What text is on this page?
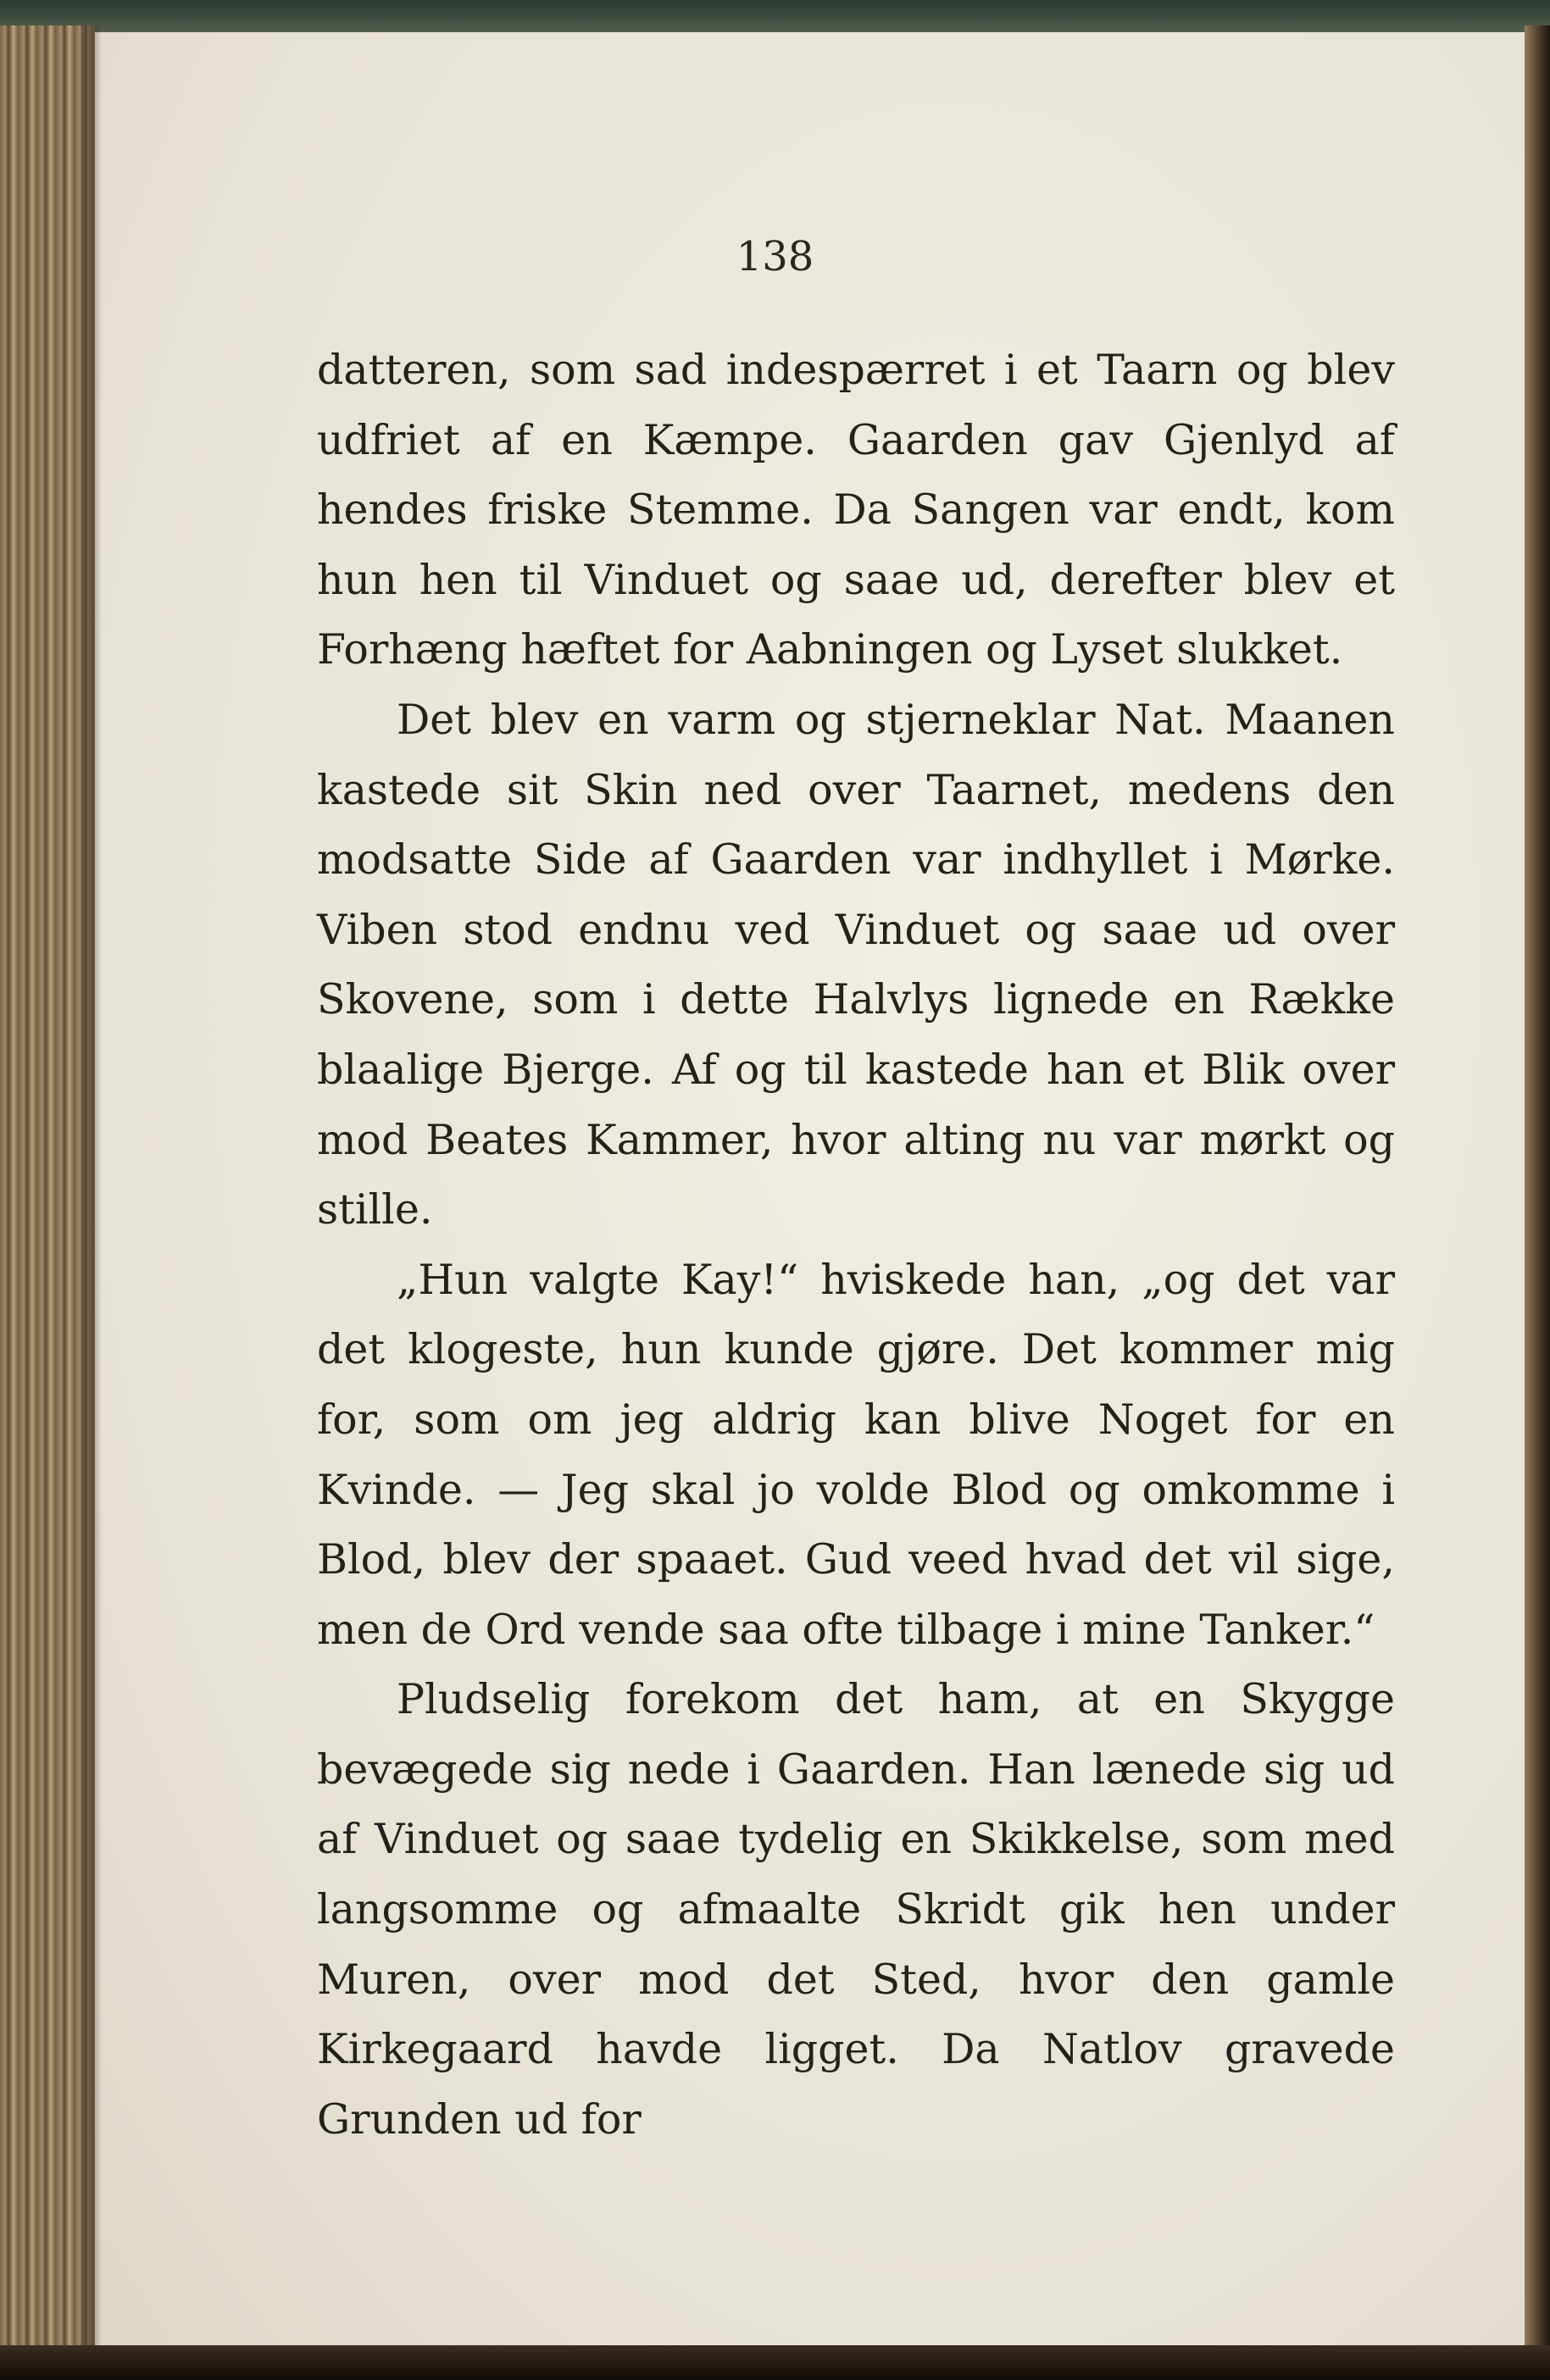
138

datteren, som sad indespærret i et Taarn og blev udfriet af en Kæmpe. Gaarden gav Gjenlyd af hendes friske Stemme. Da Sangen var endt, kom hun hen til Vinduet og saae ud, derefter blev et Forhæng hæftet for Aabningen og Lyset slukket.

Det blev en varm og stjerneklar Nat. Maanen kastede sit Skin ned over Taarnet, medens den modsatte Side af Gaarden var indhyllet i Mørke. Viben stod endnu ved Vinduet og saae ud over Skovene, som i dette Halvlys lignede en Række blaalige Bjerge. Af og til kastede han et Blik over mod Beates Kammer, hvor alting nu var mørkt og stille.

„Hun valgte Kay!“ hviskede han, „og det var det klogeste, hun kunde gjøre. Det kommer mig for, som om jeg aldrig kan blive Noget for en Kvinde. — Jeg skal jo volde Blod og omkomme i Blod, blev der spaaet. Gud veed hvad det vil sige, men de Ord vende saa ofte tilbage i mine Tanker.“

Pludselig forekom det ham, at en Skygge bevægede sig nede i Gaarden. Han lænede sig ud af Vinduet og saae tydelig en Skikkelse, som med langsomme og afmaalte Skridt gik hen under Muren, over mod det Sted, hvor den gamle Kirkegaard havde ligget. Da Natlov gravede Grunden ud for
